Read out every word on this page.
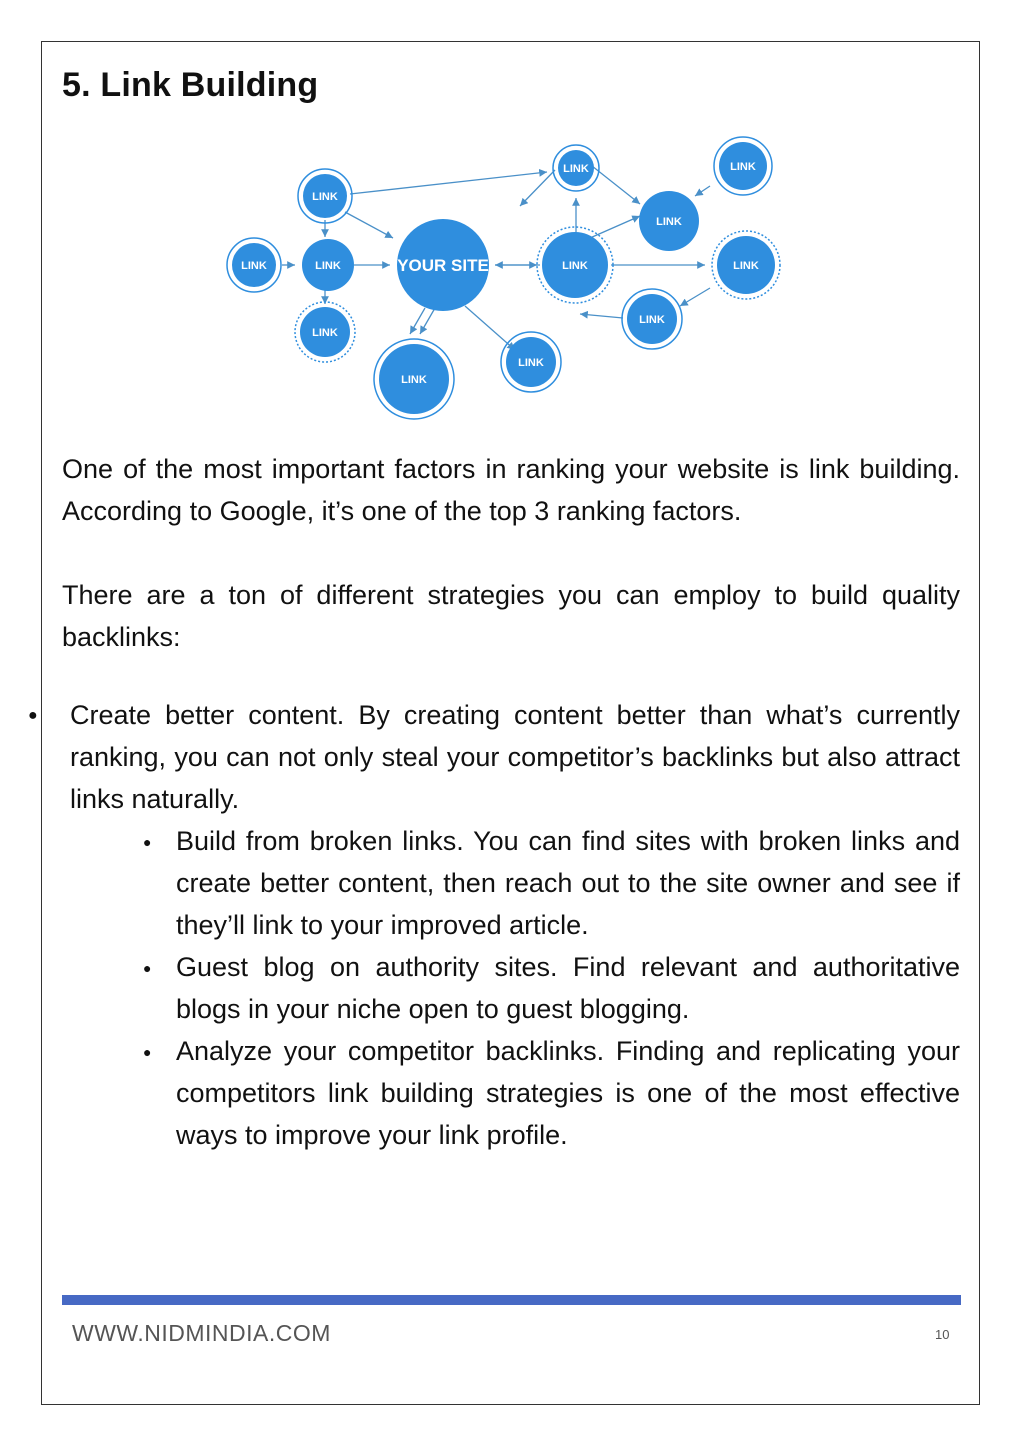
5. Link Building
LINK
LINK	LINK
LINK
LINK	LINK	LINK	LINK
LINK
LINK
LINK
LINK
YOUR SITE
One of the most important factors in ranking your website is link building. According to Google, it’s one of the top 3 ranking factors.
There are a ton of different strategies you can employ to build quality backlinks:
● Create better content. By creating content better than what’s currently ranking, you can not only steal your competitor’s backlinks but also attract links naturally.
● Build from broken links. You can find sites with broken links and create better content, then reach out to the site owner and see if they’ll link to your improved article.
● Guest blog on authority sites. Find relevant and authoritative blogs in your niche open to guest blogging.
● Analyze your competitor backlinks. Finding and replicating your competitors link building strategies is one of the most effective ways to improve your link profile.
WWW.NIDMINDIA.COM	10
